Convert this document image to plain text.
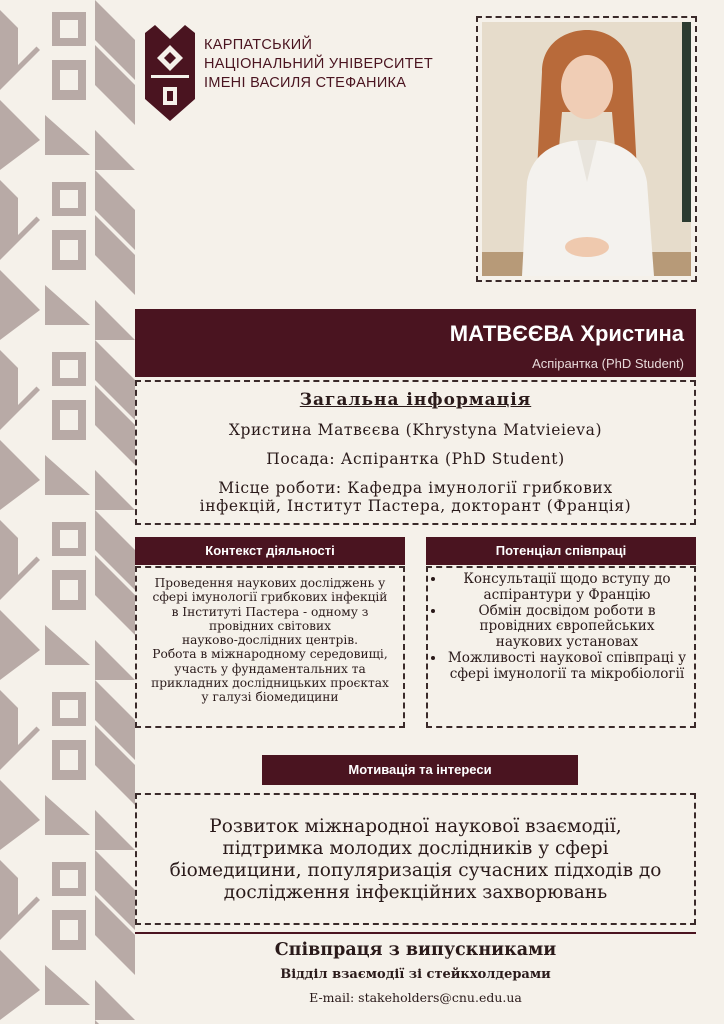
КАРПАТСЬКИЙ
НАЦІОНАЛЬНИЙ УНІВЕРСИТЕТ
ІМЕНІ ВАСИЛЯ СТЕФАНИКА
МАТВЄЄВА Христина
Аспірантка (PhD Student)
Загальна інформація
Христина Матвєєва (Khrystyna Matvieieva)
Посада: Аспірантка (PhD Student)
Місце роботи: Кафедра імунології грибкових
інфекцій, Інститут Пастера, докторант (Франція)
Контекст діяльності	Потенціал співпраці
Проведення наукових досліджень у
сфері імунології грибкових інфекцій
в Інституті Пастера - одному з
провідних світових
науково-дослідних центрів.
Робота в міжнародному середовищі,
участь у фундаментальних та
прикладних дослідницьких проєктах
у галузі біомедицини
• Консультації щодо вступу до аспірантури у Францію
• Обмін досвідом роботи в провідних європейських наукових установах
• Можливості наукової співпраці у сфері імунології та мікробіології
Мотивація та інтереси
Розвиток міжнародної наукової взаємодії,
підтримка молодих дослідників у сфері
біомедицини, популяризація сучасних підходів до
дослідження інфекційних захворювань
Співпраця з випускниками
Відділ взаємодії зі стейкхолдерами
E-mail: stakeholders@cnu.edu.ua
